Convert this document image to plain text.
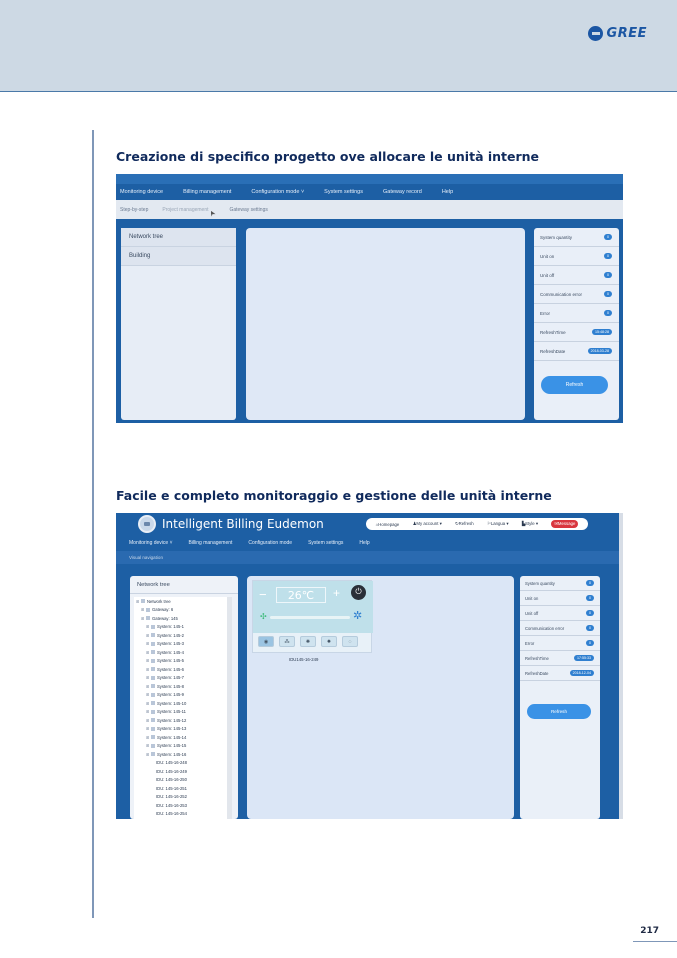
GREE
Creazione di specifico progetto ove allocare le unità interne
Monitoring device	Billing management	Configuration mode ˅	System settings	Gateway record	Help
Step-by-step	Project management	Gateway settings
Network tree
Building
System quantity	0
Unit on	0
Unit off	0
Communication error	0
Error	0
RefreshTime	15:48:28
RefreshDate	2018-03-28
Refresh
Facile e completo monitoraggio e gestione delle unità interne
Intelligent Billing Eudemon	⌂Homepage	♟My account ▾	↻Refresh	⚐Langua ▾	▙Style ▾	✉Message
Monitoring device ˅	Billing management	Configuration mode	System settings	Help
Visual navigation
Network tree
⊞ Network tree
⊞ Gateway: 6
⊞ Gateway: 145
⊞ System: 145-1
⊞ System: 145-2
⊞ System: 145-3
⊞ System: 145-4
⊞ System: 145-5
⊞ System: 145-6
⊞ System: 145-7
⊞ System: 145-8
⊞ System: 145-9
⊞ System: 145-10
⊞ System: 145-11
⊞ System: 145-12
⊞ System: 145-13
⊞ System: 145-14
⊞ System: 145-15
⊞ System: 145-16
IDU: 145-16-248
IDU: 145-16-249
IDU: 145-16-250
IDU: 145-16-251
IDU: 145-16-252
IDU: 145-16-253
IDU: 145-16-254
−	26℃	+	⏻
✣	✲
◉	⁂	✺	✹	◌
IDU145-16-249
System quantity	0
Unit on	0
Unit off	0
Communication error	0
Error	0
RefreshTime	17:55:33
RefreshDate	2018-12-04
Refresh
217
